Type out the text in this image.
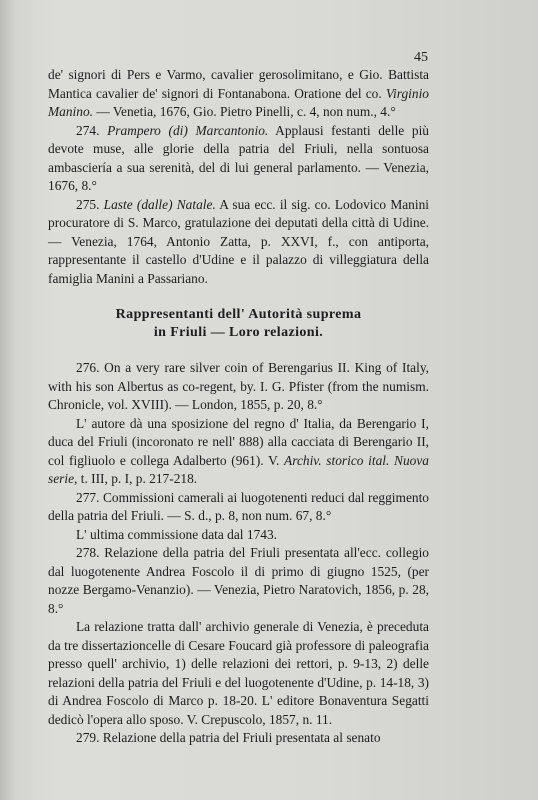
45

de' signori di Pers e Varmo, cavalier gerosolimitano, e Gio. Battista Mantica cavalier de' signori di Fontanabona. Oratione del co. Virginio Manino. — Venetia, 1676, Gio. Pietro Pinelli, c. 4, non num., 4.°

274. Prampero (di) Marcantonio. Applausi festanti delle più devote muse, alle glorie della patria del Friuli, nella sontuosa ambasciería a sua serenità, del di lui general parlamento. — Venezia, 1676, 8.°

275. Laste (dalle) Natale. A sua ecc. il sig. co. Lodovico Manini procuratore di S. Marco, gratulazione dei deputati della città di Udine. — Venezia, 1764, Antonio Zatta, p. XXVI, f., con antiporta, rappresentante il castello d'Udine e il palazzo di villeggiatura della famiglia Manini a Passariano.

Rappresentanti dell' Autorità suprema
in Friuli — Loro relazioni.

276. On a very rare silver coin of Berengarius II. King of Italy, with his son Albertus as co-regent, by. I. G. Pfister (from the numism. Chronicle, vol. XVIII). — London, 1855, p. 20, 8.°

L' autore dà una sposizione del regno d' Italia, da Berengario I, duca del Friuli (incoronato re nell' 888) alla cacciata di Berengario II, col figliuolo e collega Adalberto (961). V. Archiv. storico ital. Nuova serie, t. III, p. I, p. 217-218.

277. Commissioni camerali ai luogotenenti reduci dal reggimento della patria del Friuli. — S. d., p. 8, non num. 67, 8.°

L' ultima commissione data dal 1743.

278. Relazione della patria del Friuli presentata all'ecc. collegio dal luogotenente Andrea Foscolo il di primo di giugno 1525, (per nozze Bergamo-Venanzio). — Venezia, Pietro Naratovich, 1856, p. 28, 8.°

La relazione tratta dall' archivio generale di Venezia, è preceduta da tre dissertazioncelle di Cesare Foucard già professore di paleografia presso quell' archivio, 1) delle relazioni dei rettori, p. 9-13, 2) delle relazioni della patria del Friuli e del luogotenente d'Udine, p. 14-18, 3) di Andrea Foscolo di Marco p. 18-20. L' editore Bonaventura Segatti dedicò l'opera allo sposo. V. Crepuscolo, 1857, n. 11.

279. Relazione della patria del Friuli presentata al senato
